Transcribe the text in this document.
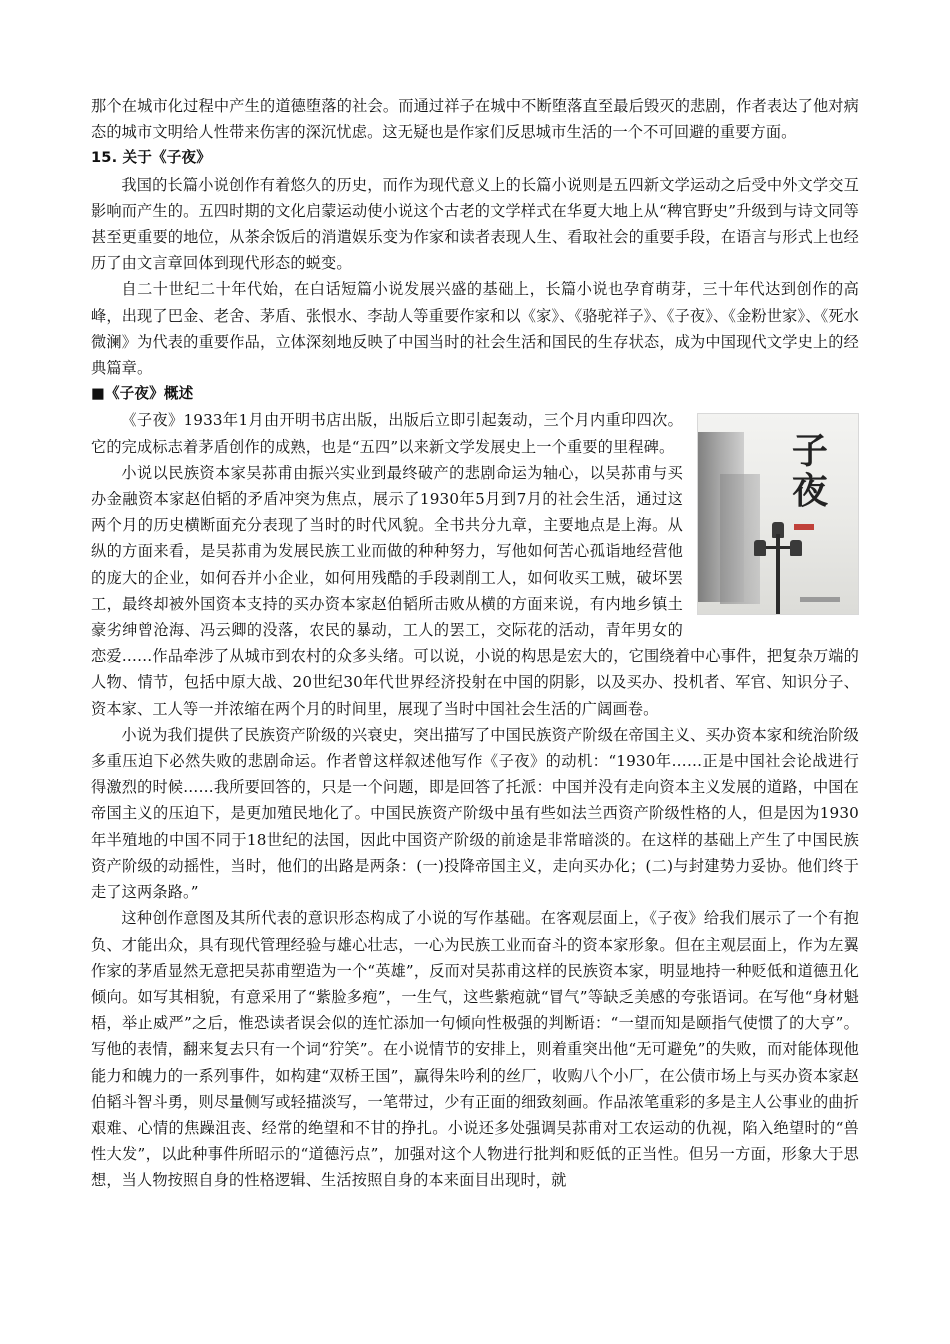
那个在城市化过程中产生的道德堕落的社会。而通过祥子在城中不断堕落直至最后毁灭的悲剧，作者表达了他对病态的城市文明给人性带来伤害的深沉忧虑。这无疑也是作家们反思城市生活的一个不可回避的重要方面。

15. 关于《子夜》

我国的长篇小说创作有着悠久的历史，而作为现代意义上的长篇小说则是五四新文学运动之后受中外文学交互影响而产生的。五四时期的文化启蒙运动使小说这个古老的文学样式在华夏大地上从“稗官野史”升级到与诗文同等甚至更重要的地位，从茶余饭后的消遣娱乐变为作家和读者表现人生、看取社会的重要手段，在语言与形式上也经历了由文言章回体到现代形态的蜕变。

自二十世纪二十年代始，在白话短篇小说发展兴盛的基础上，长篇小说也孕育萌芽，三十年代达到创作的高峰，出现了巴金、老舍、茅盾、张恨水、李劼人等重要作家和以《家》、《骆驼祥子》、《子夜》、《金粉世家》、《死水微澜》为代表的重要作品，立体深刻地反映了中国当时的社会生活和国民的生存状态，成为中国现代文学史上的经典篇章。

■《子夜》概述

子
夜

《子夜》1933年1月由开明书店出版，出版后立即引起轰动，三个月内重印四次。它的完成标志着茅盾创作的成熟，也是“五四”以来新文学发展史上一个重要的里程碑。

小说以民族资本家吴荪甫由振兴实业到最终破产的悲剧命运为轴心，以吴荪甫与买办金融资本家赵伯韬的矛盾冲突为焦点，展示了1930年5月到7月的社会生活，通过这两个月的历史横断面充分表现了当时的时代风貌。全书共分九章，主要地点是上海。从纵的方面来看，是吴荪甫为发展民族工业而做的种种努力，写他如何苦心孤诣地经营他的庞大的企业，如何吞并小企业，如何用残酷的手段剥削工人，如何收买工贼，破坏罢工，最终却被外国资本支持的买办资本家赵伯韬所击败从横的方面来说，有内地乡镇土豪劣绅曾沧海、冯云卿的没落，农民的暴动，工人的罢工，交际花的活动，青年男女的恋爱……作品牵涉了从城市到农村的众多头绪。可以说，小说的构思是宏大的，它围绕着中心事件，把复杂万端的人物、情节，包括中原大战、20世纪30年代世界经济投射在中国的阴影，以及买办、投机者、军官、知识分子、资本家、工人等一并浓缩在两个月的时间里，展现了当时中国社会生活的广阔画卷。

小说为我们提供了民族资产阶级的兴衰史，突出描写了中国民族资产阶级在帝国主义、买办资本家和统治阶级多重压迫下必然失败的悲剧命运。作者曾这样叙述他写作《子夜》的动机：“1930年……正是中国社会论战进行得激烈的时候……我所要回答的，只是一个问题，即是回答了托派：中国并没有走向资本主义发展的道路，中国在帝国主义的压迫下，是更加殖民地化了。中国民族资产阶级中虽有些如法兰西资产阶级性格的人，但是因为1930年半殖地的中国不同于18世纪的法国，因此中国资产阶级的前途是非常暗淡的。在这样的基础上产生了中国民族资产阶级的动摇性，当时，他们的出路是两条：(一)投降帝国主义，走向买办化；(二)与封建势力妥协。他们终于走了这两条路。”

这种创作意图及其所代表的意识形态构成了小说的写作基础。在客观层面上，《子夜》给我们展示了一个有抱负、才能出众，具有现代管理经验与雄心壮志，一心为民族工业而奋斗的资本家形象。但在主观层面上，作为左翼作家的茅盾显然无意把吴荪甫塑造为一个“英雄”，反而对吴荪甫这样的民族资本家，明显地持一种贬低和道德丑化倾向。如写其相貌，有意采用了“紫脸多疱”，一生气，这些紫疱就“冒气”等缺乏美感的夸张语词。在写他“身材魁梧，举止威严”之后，惟恐读者误会似的连忙添加一句倾向性极强的判断语：“一望而知是颐指气使惯了的大亨”。写他的表情，翻来复去只有一个词“狞笑”。在小说情节的安排上，则着重突出他“无可避免”的失败，而对能体现他能力和魄力的一系列事件，如构建“双桥王国”，赢得朱吟利的丝厂，收购八个小厂，在公债市场上与买办资本家赵伯韬斗智斗勇，则尽量侧写或轻描淡写，一笔带过，少有正面的细致刻画。作品浓笔重彩的多是主人公事业的曲折艰难、心情的焦躁沮丧、经常的绝望和不甘的挣扎。小说还多处强调吴荪甫对工农运动的仇视，陷入绝望时的“兽性大发”，以此种事件所昭示的“道德污点”，加强对这个人物进行批判和贬低的正当性。但另一方面，形象大于思想，当人物按照自身的性格逻辑、生活按照自身的本来面目出现时，就
